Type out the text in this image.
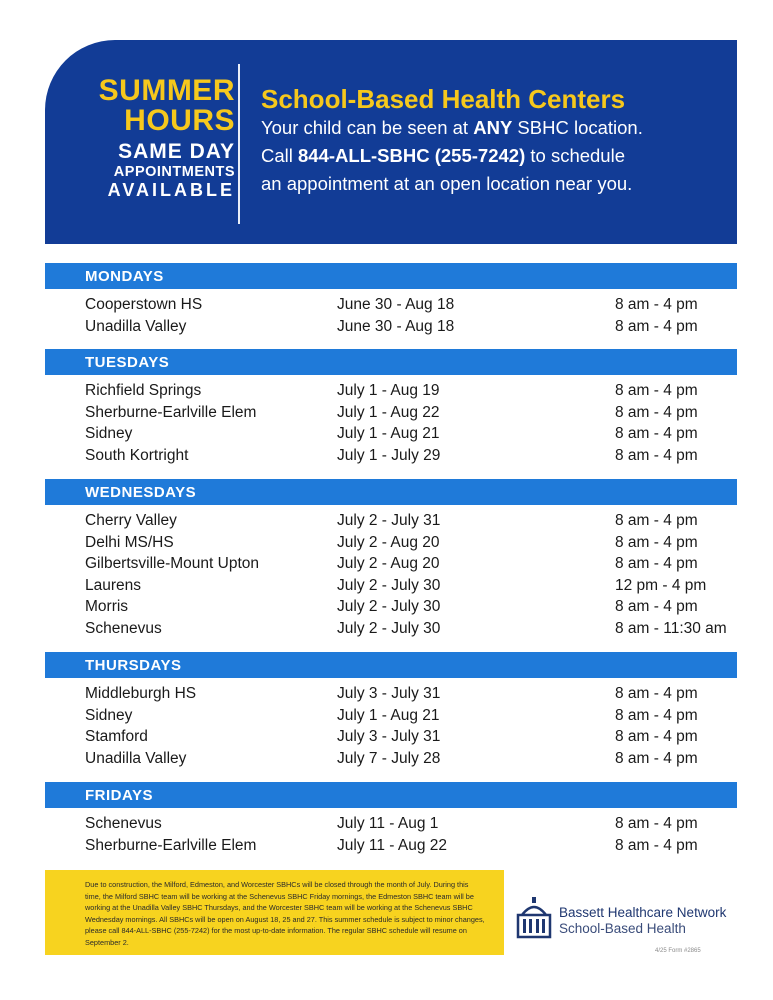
SUMMER
HOURS
SAME DAY
APPOINTMENTS
AVAILABLE
School-Based Health Centers
Your child can be seen at ANY SBHC location.
Call 844-ALL-SBHC (255-7242) to schedule
an appointment at an open location near you.
MONDAYS
Cooperstown HS	June 30 - Aug 18	8 am - 4 pm
Unadilla Valley	June 30 - Aug 18	8 am - 4 pm
TUESDAYS
Richfield Springs	July 1 - Aug 19	8 am - 4 pm
Sherburne-Earlville Elem	July 1 - Aug 22	8 am - 4 pm
Sidney	July 1 - Aug 21	8 am - 4 pm
South Kortright	July 1 - July 29	8 am - 4 pm
WEDNESDAYS
Cherry Valley	July 2 - July 31	8 am - 4 pm
Delhi MS/HS	July 2 - Aug 20	8 am - 4 pm
Gilbertsville-Mount Upton	July 2 - Aug 20	8 am - 4 pm
Laurens	July 2 - July 30	12 pm - 4 pm
Morris	July 2 - July 30	8 am - 4 pm
Schenevus	July 2 - July 30	8 am - 11:30 am
THURSDAYS
Middleburgh HS	July 3 - July 31	8 am - 4 pm
Sidney	July 1 - Aug 21	8 am - 4 pm
Stamford	July 3 - July 31	8 am - 4 pm
Unadilla Valley	July 7 - July 28	8 am - 4 pm
FRIDAYS
Schenevus	July 11 - Aug 1	8 am - 4 pm
Sherburne-Earlville Elem	July 11 - Aug 22	8 am - 4 pm
Due to construction, the Milford, Edmeston, and Worcester SBHCs will be closed through the month of July. During this time, the Milford SBHC team will be working at the Schenevus SBHC Friday mornings, the Edmeston SBHC team will be working at the Unadilla Valley SBHC Thursdays, and the Worcester SBHC team will be working at the Schenevus SBHC Wednesday mornings. All SBHCs will be open on August 18, 25 and 27. This summer schedule is subject to minor changes, please call 844-ALL-SBHC (255-7242) for the most up-to-date information. The regular SBHC schedule will resume on September 2.
Bassett Healthcare Network
School-Based Health
4/25 Form #2865
